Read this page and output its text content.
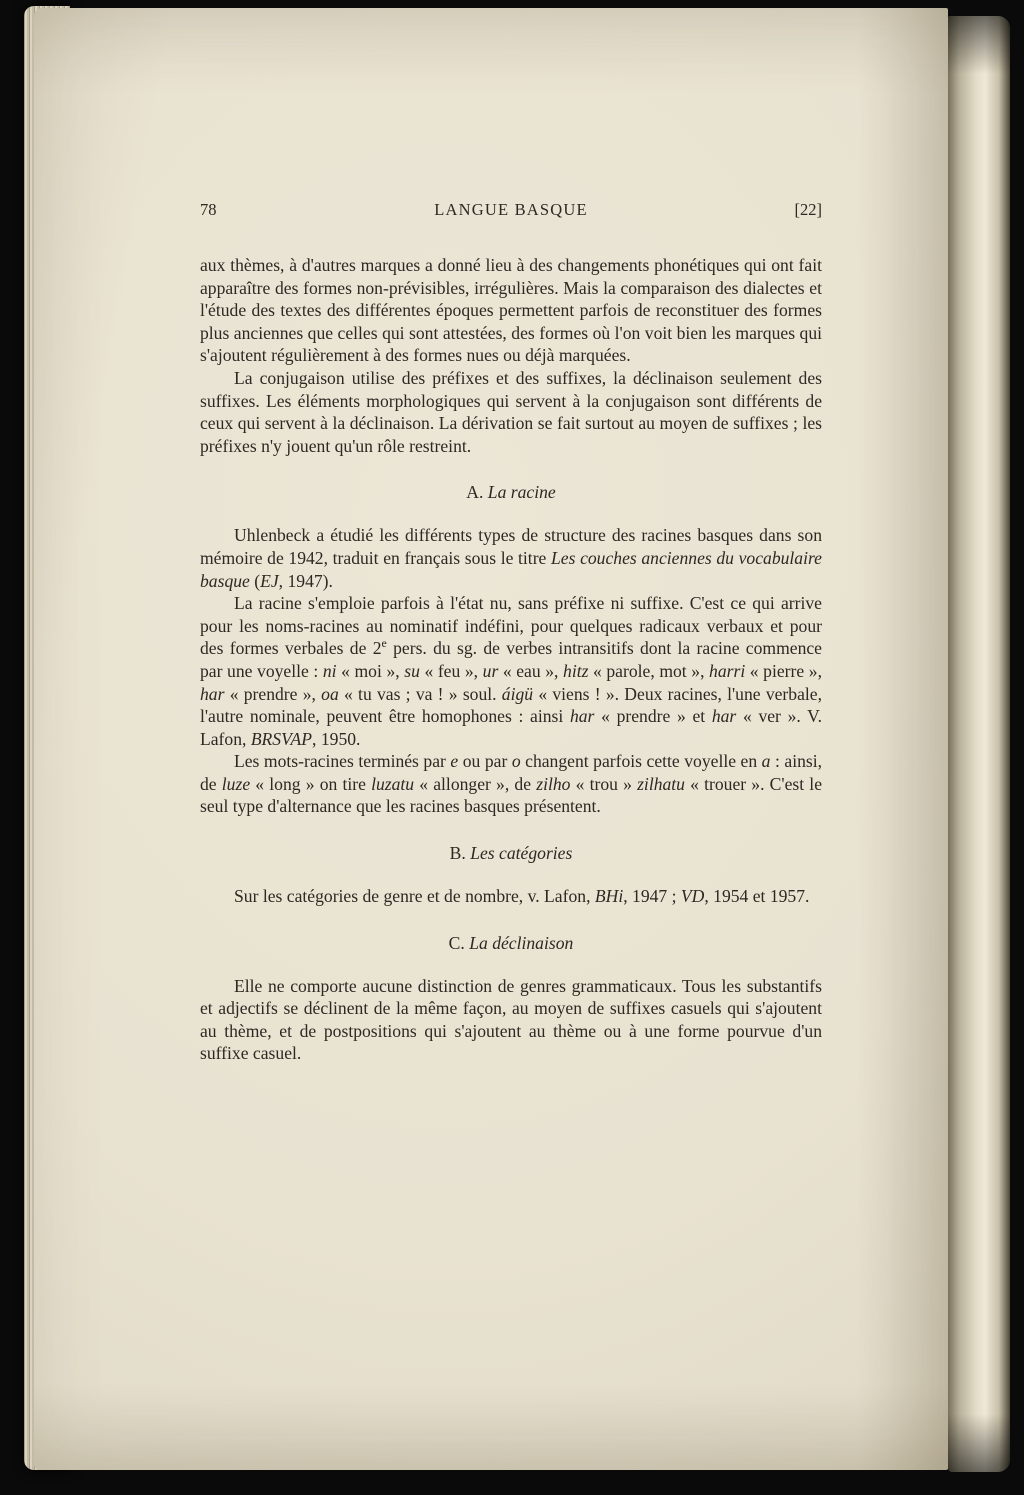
78	LANGUE BASQUE	[22]

aux thèmes, à d'autres marques a donné lieu à des changements phonétiques qui ont fait apparaître des formes non-prévisibles, irrégulières. Mais la comparaison des dialectes et l'étude des textes des différentes époques permettent parfois de reconstituer des formes plus anciennes que celles qui sont attestées, des formes où l'on voit bien les marques qui s'ajoutent régulièrement à des formes nues ou déjà marquées.

La conjugaison utilise des préfixes et des suffixes, la déclinaison seulement des suffixes. Les éléments morphologiques qui servent à la conjugaison sont différents de ceux qui servent à la déclinaison. La dérivation se fait surtout au moyen de suffixes ; les préfixes n'y jouent qu'un rôle restreint.

A. La racine

Uhlenbeck a étudié les différents types de structure des racines basques dans son mémoire de 1942, traduit en français sous le titre Les couches anciennes du vocabulaire basque (EJ, 1947).

La racine s'emploie parfois à l'état nu, sans préfixe ni suffixe. C'est ce qui arrive pour les noms-racines au nominatif indéfini, pour quelques radicaux verbaux et pour des formes verbales de 2e pers. du sg. de verbes intransitifs dont la racine commence par une voyelle : ni « moi », su « feu », ur « eau », hitz « parole, mot », harri « pierre », har « prendre », oa « tu vas ; va ! » soul. áigü « viens ! ». Deux racines, l'une verbale, l'autre nominale, peuvent être homophones : ainsi har « prendre » et har « ver ». V. Lafon, BRSVAP, 1950.

Les mots-racines terminés par e ou par o changent parfois cette voyelle en a : ainsi, de luze « long » on tire luzatu « allonger », de zilho « trou » zilhatu « trouer ». C'est le seul type d'alternance que les racines basques présentent.

B. Les catégories

Sur les catégories de genre et de nombre, v. Lafon, BHi, 1947 ; VD, 1954 et 1957.

C. La déclinaison

Elle ne comporte aucune distinction de genres grammaticaux. Tous les substantifs et adjectifs se déclinent de la même façon, au moyen de suffixes casuels qui s'ajoutent au thème, et de postpositions qui s'ajoutent au thème ou à une forme pourvue d'un suffixe casuel.
